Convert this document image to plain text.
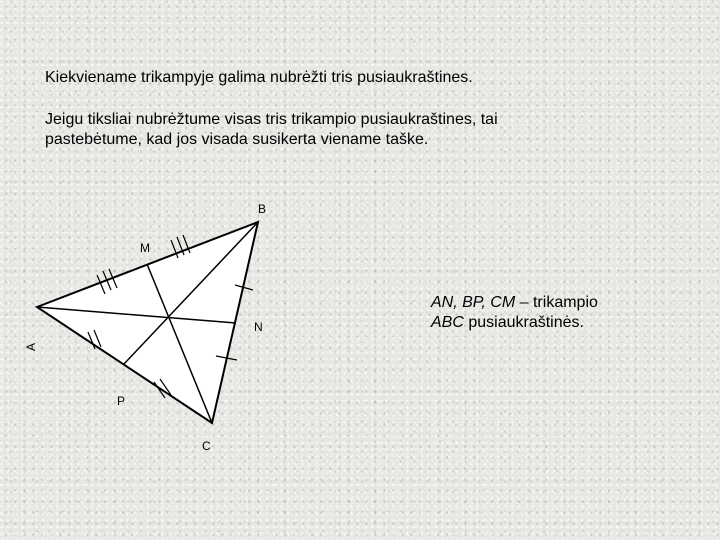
Kiekviename trikampyje galima nubrėžti tris pusiaukraštines.

Jeigu tiksliai nubrėžtume visas tris trikampio pusiaukraštines, tai pastebėtume, kad jos visada susikerta viename taške.

A
B
C
M
N
P
AN, BP, CM – trikampio
ABC pusiaukraštinės.
